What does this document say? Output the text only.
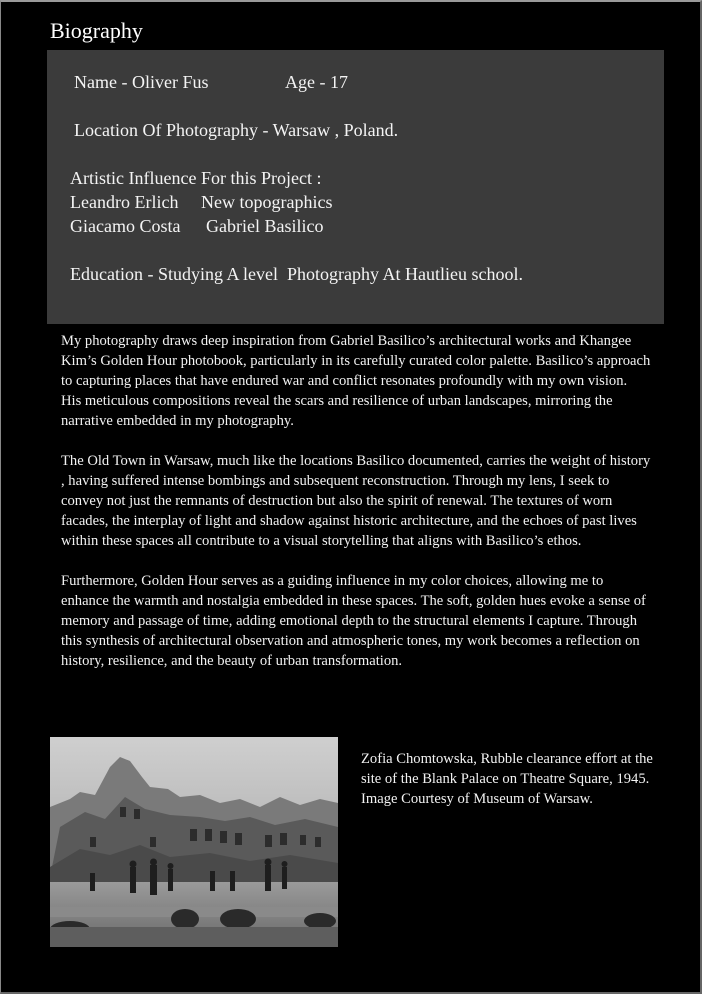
Biography
Name - Oliver Fus	Age - 17
Location Of Photography - Warsaw , Poland.
Artistic Influence For this Project :
Leandro Erlich New topographics
Giacamo Costa Gabriel Basilico
Education - Studying A level  Photography At Hautlieu school.

My photography draws deep inspiration from Gabriel Basilico’s architectural works and Khangee Kim’s Golden Hour photobook, particularly in its carefully curated color palette. Basilico’s approach to capturing places that have endured war and conflict resonates profoundly with my own vision. His meticulous compositions reveal the scars and resilience of urban landscapes, mirroring the narrative embedded in my photography.

The Old Town in Warsaw, much like the locations Basilico documented, carries the weight of history , having suffered intense bombings and subsequent reconstruction. Through my lens, I seek to convey not just the remnants of destruction but also the spirit of renewal. The textures of worn facades, the interplay of light and shadow against historic architecture, and the echoes of past lives within these spaces all contribute to a visual storytelling that aligns with Basilico’s ethos.

Furthermore, Golden Hour serves as a guiding influence in my color choices, allowing me to enhance the warmth and nostalgia embedded in these spaces. The soft, golden hues evoke a sense of memory and passage of time, adding emotional depth to the structural elements I capture. Through this synthesis of architectural observation and atmospheric tones, my work becomes a reflection on history, resilience, and the beauty of urban transformation.

Zofia Chomtowska, Rubble clearance effort at the site of the Blank Palace on Theatre Square, 1945. Image Courtesy of Museum of Warsaw.
